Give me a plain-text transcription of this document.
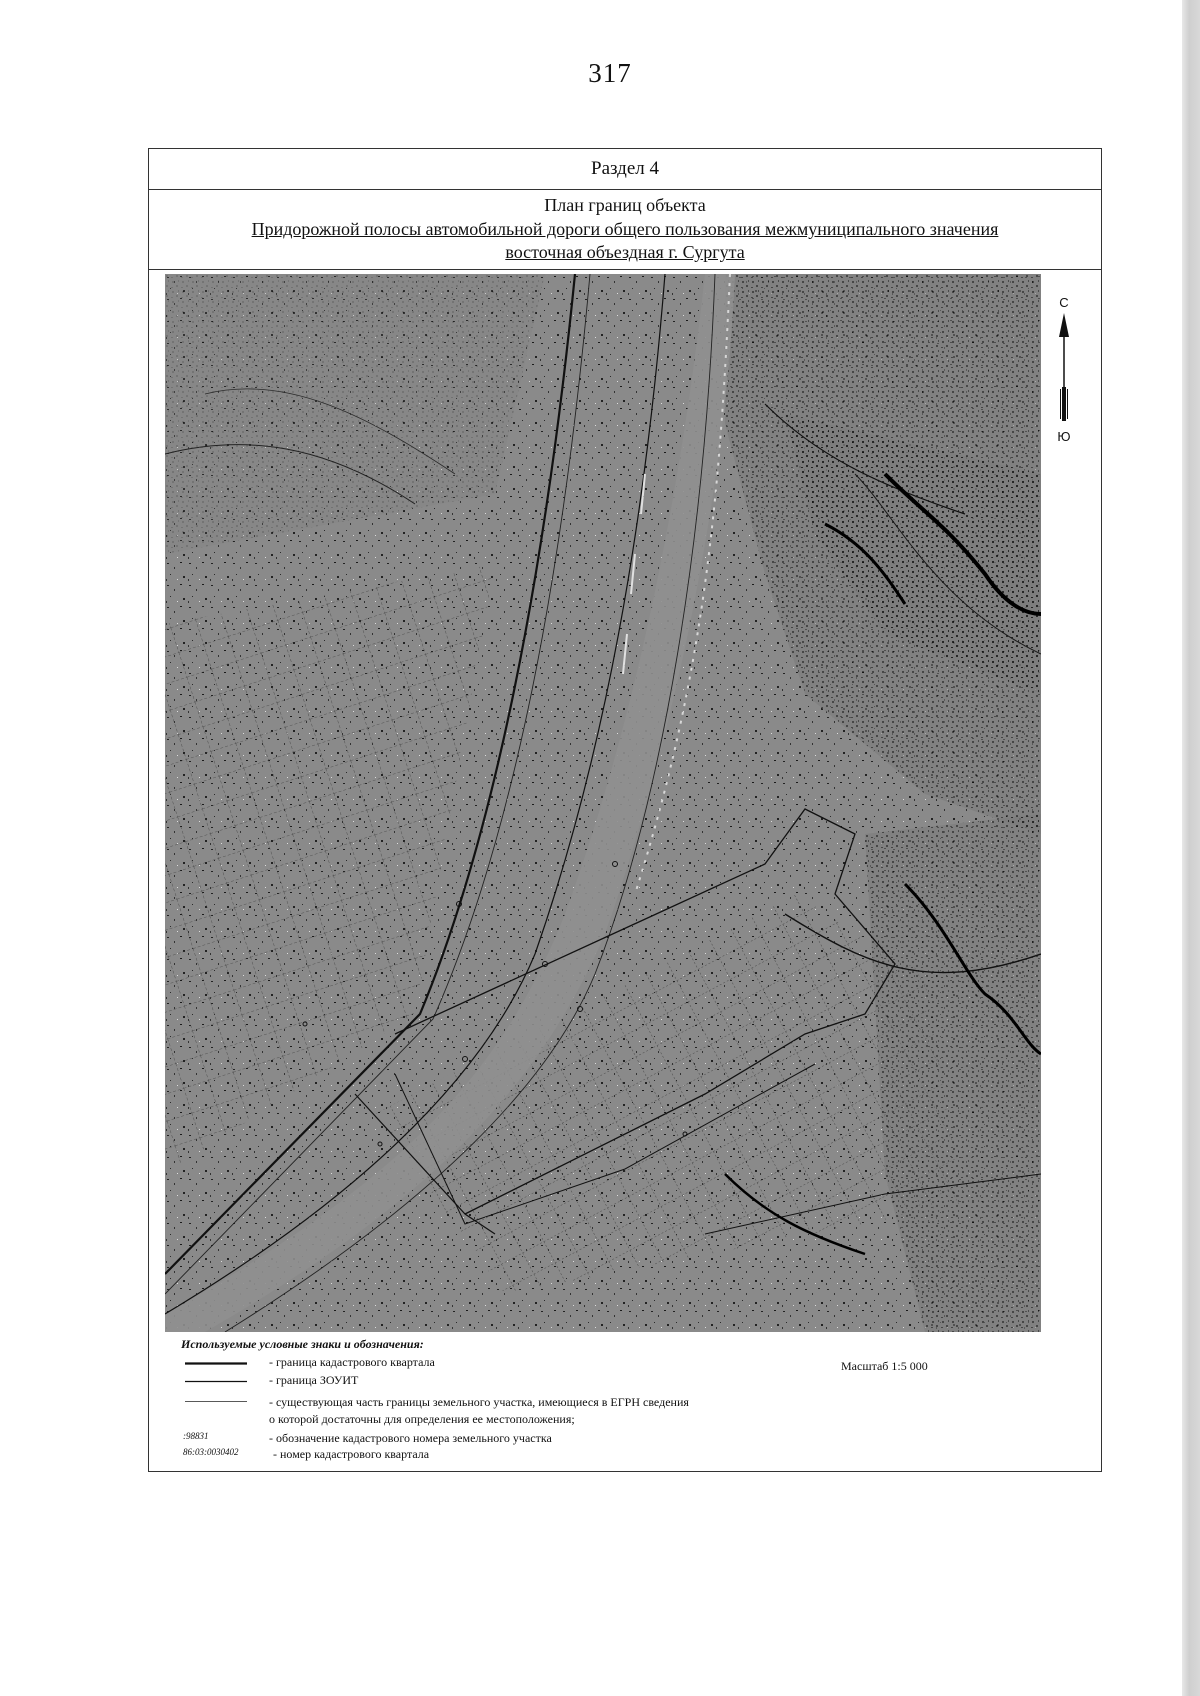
317
Раздел 4
План границ объекта
Придорожной полосы автомобильной дороги общего пользования межмуниципального значения
восточная объездная г. Сургута
С
Ю
Используемые условные знаки и обозначения:
Масштаб 1:5 000
- граница кадастрового квартала
- граница ЗОУИТ
- существующая часть границы земельного участка, имеющиеся в ЕГРН сведения
о которой достаточны для определения ее местоположения;
:98831	- обозначение кадастрового номера земельного участка
86:03:0030402	- номер кадастрового квартала
